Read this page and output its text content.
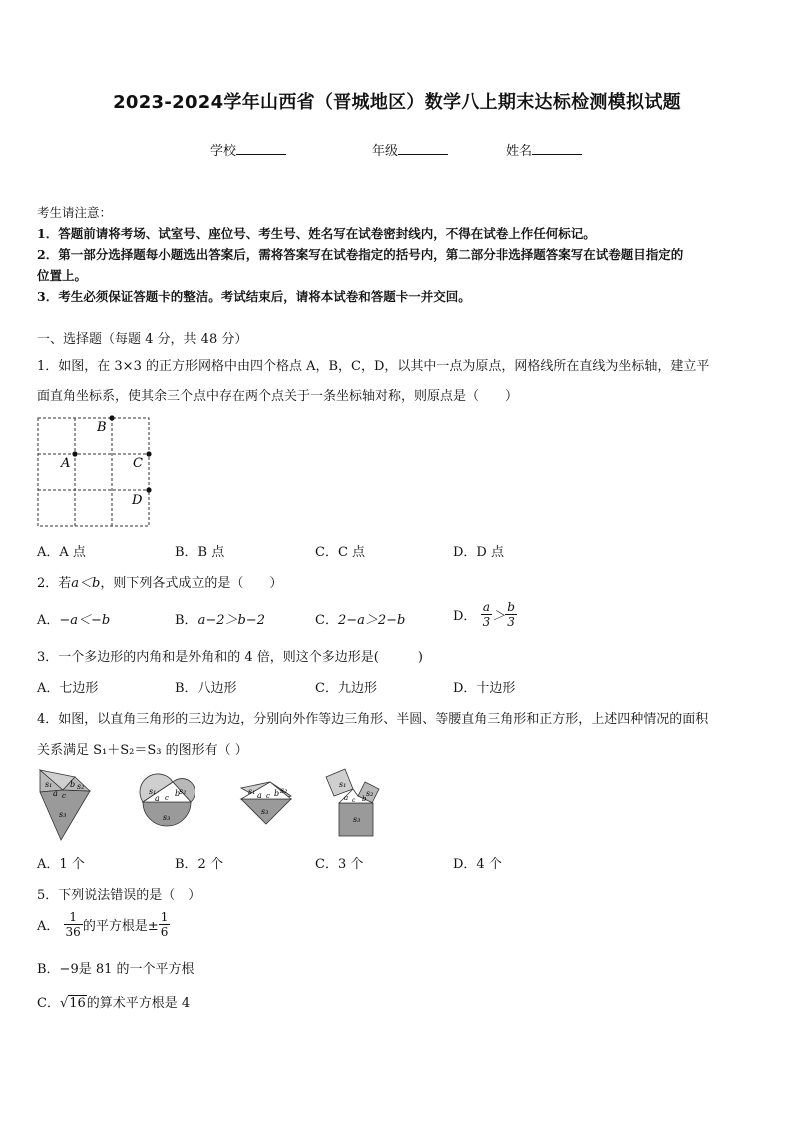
2023-2024学年山西省（晋城地区）数学八上期末达标检测模拟试题
学校	年级	姓名
考生请注意：
1．答题前请将考场、试室号、座位号、考生号、姓名写在试卷密封线内，不得在试卷上作任何标记。
2．第一部分选择题每小题选出答案后，需将答案写在试卷指定的括号内，第二部分非选择题答案写在试卷题目指定的
位置上。
3．考生必须保证答题卡的整洁。考试结束后，请将本试卷和答题卡一并交回。
一、选择题（每题 4 分，共 48 分）
1．如图，在 3×3 的正方形网格中由四个格点 A，B，C，D，以其中一点为原点，网格线所在直线为坐标轴，建立平
面直角坐标系，使其余三个点中存在两个点关于一条坐标轴对称，则原点是（　　）
B
A	C
D
A．A 点	B．B 点	C．C 点	D．D 点
2．若a＜b，则下列各式成立的是（　　）
A．−a＜−b	B．a−2＞b−2	C．2−a＞2−b	D． $\frac{a}{3} > \frac{b}{3}$
3．一个多边形的内角和是外角和的 4 倍，则这个多边形是(　　　)
A．七边形	B．八边形	C．九边形	D．十边形
4．如图，以直角三角形的三边为边，分别向外作等边三角形、半圆、等腰直角三角形和正方形，上述四种情况的面积
关系满足 S₁＋S₂＝S₃ 的图形有（ ）
s₁	s₂
s₃
a
b
c	s₁	s₂
s₃
a
b
c
s₁	s₂
s₃
a b
c
s₁
s₂
s₃
a b
c
A．1 个	B．2 个	C．3 个	D．4 个
5．下列说法错误的是（　）
A． $\frac{1}{36}$ 的平方根是± $\frac{1}{6}$
B．−9是 81 的一个平方根
C．√16的算术平方根是 4
